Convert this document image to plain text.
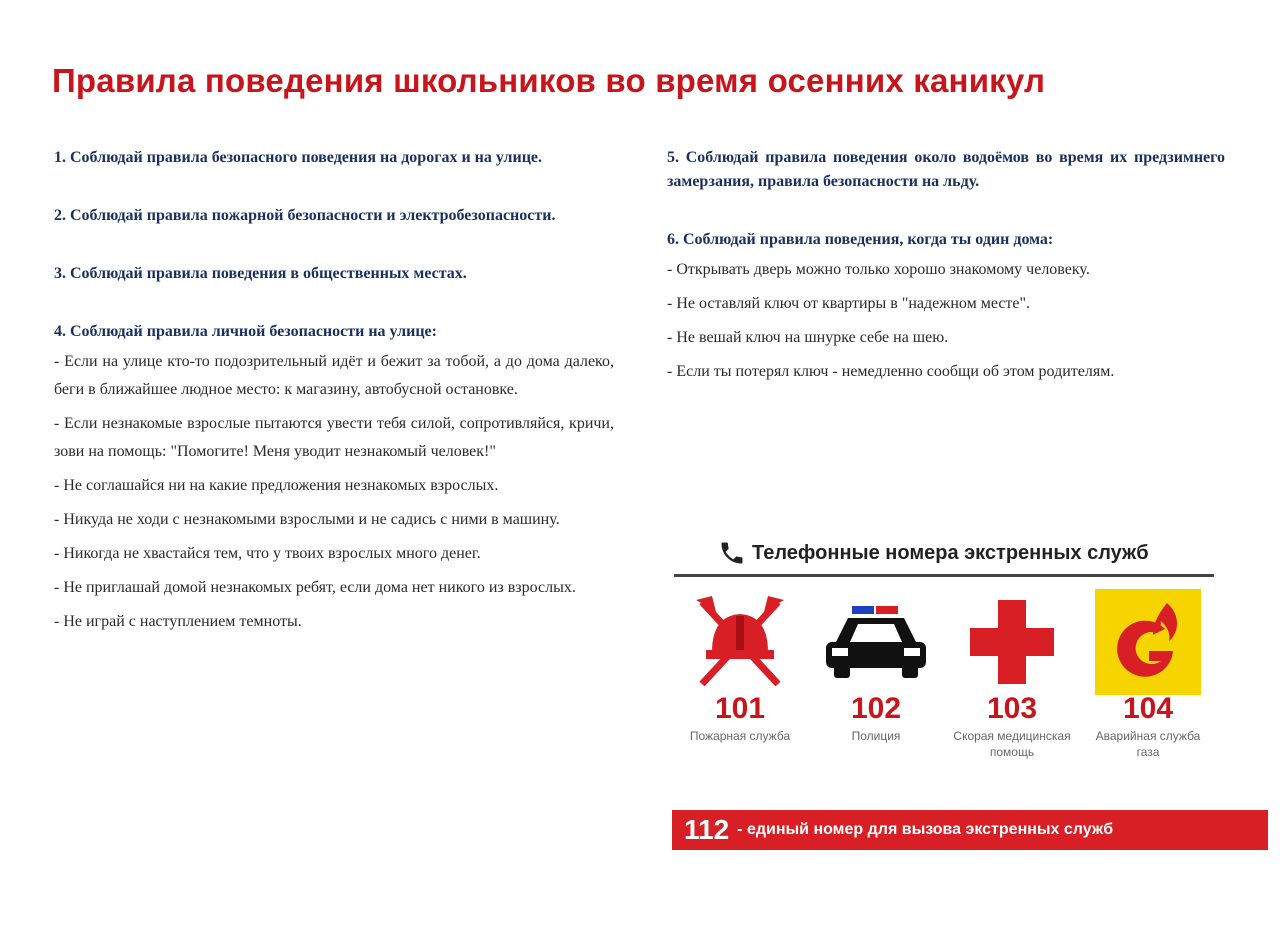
Правила поведения школьников во время осенних каникул

1. Соблюдай правила безопасного поведения на дорогах и на улице.

2. Соблюдай правила пожарной безопасности и электробезопасности.

3. Соблюдай правила поведения в общественных местах.

4. Соблюдай правила личной безопасности на улице:

- Если на улице кто-то подозрительный идёт и бежит за тобой, а до дома далеко, беги в ближайшее людное место: к магазину, автобусной остановке.

- Если незнакомые взрослые пытаются увести тебя силой, сопротивляйся, кричи, зови на помощь: "Помогите! Меня уводит незнакомый человек!"

- Не соглашайся ни на какие предложения незнакомых взрослых.

- Никуда не ходи с незнакомыми взрослыми и не садись с ними в машину.

- Никогда не хвастайся тем, что у твоих взрослых много денег.

- Не приглашай домой незнакомых ребят, если дома нет никого из взрослых.

- Не играй с наступлением темноты.

5. Соблюдай правила поведения около водоёмов во время их предзимнего замерзания, правила безопасности на льду.

6. Соблюдай правила поведения, когда ты один дома:

- Открывать дверь можно только хорошо знакомому человеку.

- Не оставляй ключ от квартиры в "надежном месте".

- Не вешай ключ на шнурке себе на шею.

- Если ты потерял ключ - немедленно сообщи об этом родителям.

Телефонные номера экстренных служб
101
Пожарная служба
102
Полиция
103
Скорая медицинская помощь
104
Аварийная служба газа
112 - единый номер для вызова экстренных служб
